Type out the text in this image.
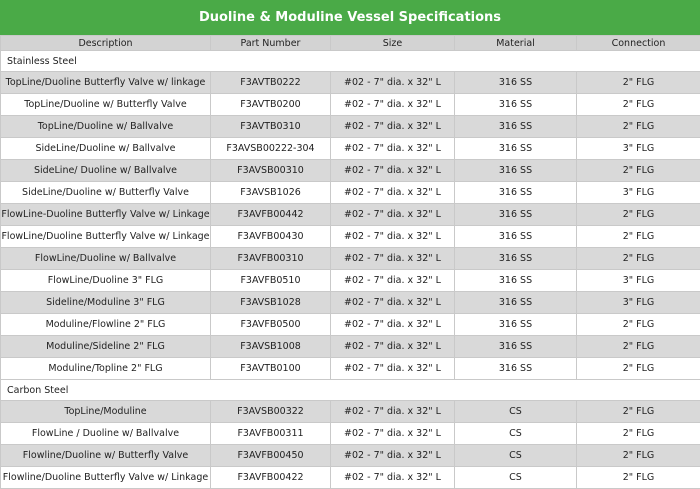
Duoline & Moduline Vessel Specifications
Description	Part Number	Size	Material	Connection
Stainless Steel				
TopLine/Duoline Butterfly Valve w/ linkage	F3AVTB0222	#02 - 7" dia. x 32" L	316 SS	2" FLG
TopLine/Duoline w/ Butterfly Valve	F3AVTB0200	#02 - 7" dia. x 32" L	316 SS	2" FLG
TopLine/Duoline w/ Ballvalve	F3AVTB0310	#02 - 7" dia. x 32" L	316 SS	2" FLG
SideLine/Duoline w/ Ballvalve	F3AVSB00222-304	#02 - 7" dia. x 32" L	316 SS	3" FLG
SideLine/ Duoline w/ Ballvalve	F3AVSB00310	#02 - 7" dia. x 32" L	316 SS	2" FLG
SideLine/Duoline w/ Butterfly Valve	F3AVSB1026	#02 - 7" dia. x 32" L	316 SS	3" FLG
FlowLine-Duoline Butterfly Valve w/ Linkage	F3AVFB00442	#02 - 7" dia. x 32" L	316 SS	2" FLG
FlowLine/Duoline Butterfly Valve w/ Linkage	F3AVFB00430	#02 - 7" dia. x 32" L	316 SS	2" FLG
FlowLine/Duoline w/ Ballvalve	F3AVFB00310	#02 - 7" dia. x 32" L	316 SS	2" FLG
FlowLine/Duoline 3" FLG	F3AVFB0510	#02 - 7" dia. x 32" L	316 SS	3" FLG
Sideline/Moduline 3" FLG	F3AVSB1028	#02 - 7" dia. x 32" L	316 SS	3" FLG
Moduline/Flowline 2" FLG	F3AVFB0500	#02 - 7" dia. x 32" L	316 SS	2" FLG
Moduline/Sideline 2" FLG	F3AVSB1008	#02 - 7" dia. x 32" L	316 SS	2" FLG
Moduline/Topline 2" FLG	F3AVTB0100	#02 - 7" dia. x 32" L	316 SS	2" FLG
Carbon Steel				
TopLine/Moduline	F3AVSB00322	#02 - 7" dia. x 32" L	CS	2" FLG
FlowLine / Duoline w/ Ballvalve	F3AVFB00311	#02 - 7" dia. x 32" L	CS	2" FLG
Flowline/Duoline w/ Butterfly Valve	F3AVFB00450	#02 - 7" dia. x 32" L	CS	2" FLG
Flowline/Duoline Butterfly Valve w/ Linkage	F3AVFB00422	#02 - 7" dia. x 32" L	CS	2" FLG
